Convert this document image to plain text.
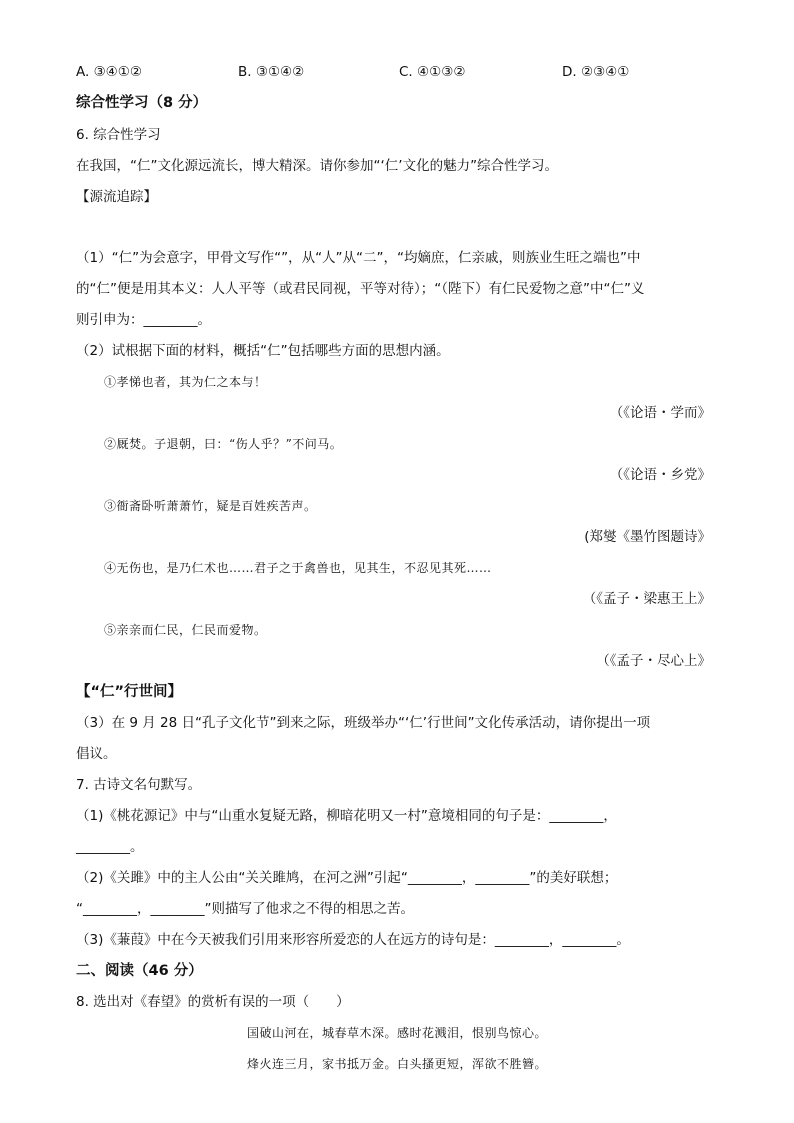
A. ③④①②	B. ③①④②	C. ④①③②	D. ②③④①
综合性学习（8 分）
6. 综合性学习
在我国，“仁”文化源远流长，博大精深。请你参加“‘仁’文化的魅力”综合性学习。
【源流追踪】
（1）“仁”为会意字，甲骨文写作“”，从“人”从“二”，“均嫡庶，仁亲戚，则族业生旺之端也”中
的“仁”便是用其本义：人人平等（或君民同视，平等对待）；“（陛下）有仁民爱物之意”中“仁”义
则引申为：________。
（2）试根据下面的材料，概括“仁”包括哪些方面的思想内涵。
①孝悌也者，其为仁之本与！
（《论语・学而》
②厩焚。子退朝，曰：“伤人乎？”不问马。
（《论语・乡党》
③衙斋卧听萧萧竹，疑是百姓疾苦声。
(郑燮《墨竹图题诗》
④无伤也，是乃仁术也……君子之于禽兽也，见其生，不忍见其死……
（《孟子・梁惠王上》
⑤亲亲而仁民，仁民而爱物。
（《孟子・尽心上》
【“仁”行世间】
（3）在 9 月 28 日“孔子文化节”到来之际，班级举办“‘仁’行世间”文化传承活动，请你提出一项
倡议。
7. 古诗文名句默写。
（1)《桃花源记》中与“山重水复疑无路，柳暗花明又一村”意境相同的句子是：________，
________。
（2)《关雎》中的主人公由“关关雎鸠，在河之洲”引起“________，________”的美好联想；
“________，________”则描写了他求之不得的相思之苦。
（3)《蒹葭》中在今天被我们引用来形容所爱恋的人在远方的诗句是：________，________。
二、阅读（46 分）
8. 选出对《春望》的赏析有误的一项（　　）
国破山河在，城春草木深。感时花溅泪，恨别鸟惊心。
烽火连三月，家书抵万金。白头搔更短，浑欲不胜簪。
